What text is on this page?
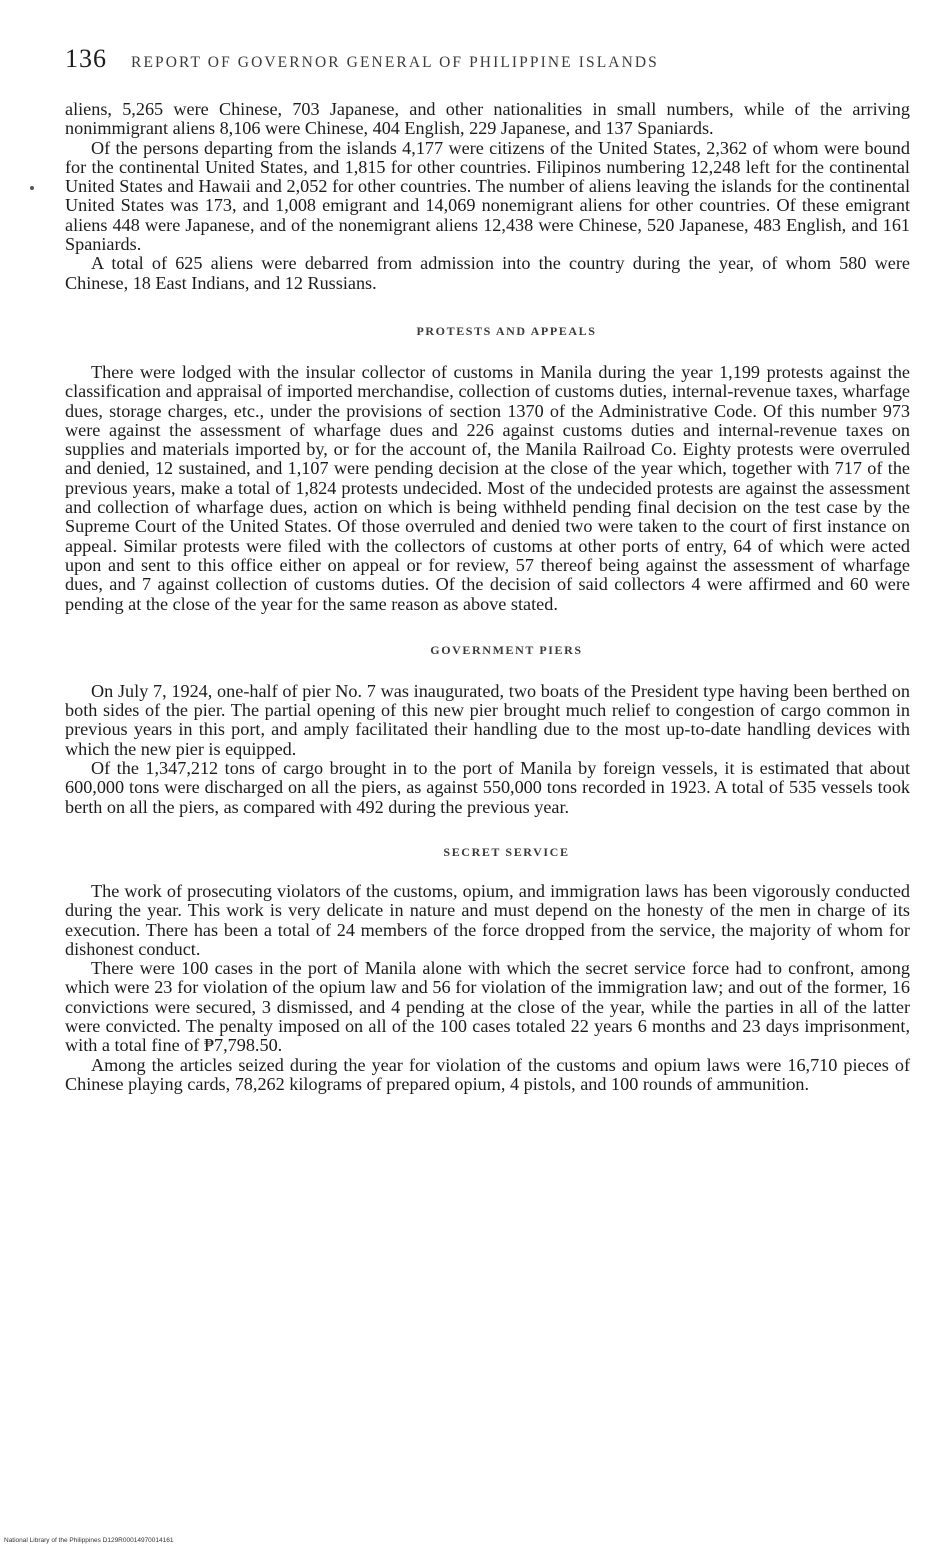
136 REPORT OF GOVERNOR GENERAL OF PHILIPPINE ISLANDS

aliens, 5,265 were Chinese, 703 Japanese, and other nationalities in small numbers, while of the arriving nonimmigrant aliens 8,106 were Chinese, 404 English, 229 Japanese, and 137 Spaniards.

Of the persons departing from the islands 4,177 were citizens of the United States, 2,362 of whom were bound for the continental United States, and 1,815 for other countries. Filipinos numbering 12,248 left for the continental United States and Hawaii and 2,052 for other countries. The number of aliens leaving the islands for the continental United States was 173, and 1,008 emigrant and 14,069 nonemigrant aliens for other countries. Of these emigrant aliens 448 were Japanese, and of the nonemigrant aliens 12,438 were Chinese, 520 Japanese, 483 English, and 161 Spaniards.

A total of 625 aliens were debarred from admission into the country during the year, of whom 580 were Chinese, 18 East Indians, and 12 Russians.

PROTESTS AND APPEALS

There were lodged with the insular collector of customs in Manila during the year 1,199 protests against the classification and appraisal of imported merchandise, collection of customs duties, internal-revenue taxes, wharfage dues, storage charges, etc., under the provisions of section 1370 of the Administrative Code. Of this number 973 were against the assessment of wharfage dues and 226 against customs duties and internal-revenue taxes on supplies and materials imported by, or for the account of, the Manila Railroad Co. Eighty protests were overruled and denied, 12 sustained, and 1,107 were pending decision at the close of the year which, together with 717 of the previous years, make a total of 1,824 protests undecided. Most of the undecided protests are against the assessment and collection of wharfage dues, action on which is being withheld pending final decision on the test case by the Supreme Court of the United States. Of those overruled and denied two were taken to the court of first instance on appeal. Similar protests were filed with the collectors of customs at other ports of entry, 64 of which were acted upon and sent to this office either on appeal or for review, 57 thereof being against the assessment of wharfage dues, and 7 against collection of customs duties. Of the decision of said collectors 4 were affirmed and 60 were pending at the close of the year for the same reason as above stated.

GOVERNMENT PIERS

On July 7, 1924, one-half of pier No. 7 was inaugurated, two boats of the President type having been berthed on both sides of the pier. The partial opening of this new pier brought much relief to congestion of cargo common in previous years in this port, and amply facilitated their handling due to the most up-to-date handling devices with which the new pier is equipped.

Of the 1,347,212 tons of cargo brought in to the port of Manila by foreign vessels, it is estimated that about 600,000 tons were discharged on all the piers, as against 550,000 tons recorded in 1923. A total of 535 vessels took berth on all the piers, as compared with 492 during the previous year.

SECRET SERVICE

The work of prosecuting violators of the customs, opium, and immigration laws has been vigorously conducted during the year. This work is very delicate in nature and must depend on the honesty of the men in charge of its execution. There has been a total of 24 members of the force dropped from the service, the majority of whom for dishonest conduct.

There were 100 cases in the port of Manila alone with which the secret service force had to confront, among which were 23 for violation of the opium law and 56 for violation of the immigration law; and out of the former, 16 convictions were secured, 3 dismissed, and 4 pending at the close of the year, while the parties in all of the latter were convicted. The penalty imposed on all of the 100 cases totaled 22 years 6 months and 23 days imprisonment, with a total fine of ₱7,798.50.

Among the articles seized during the year for violation of the customs and opium laws were 16,710 pieces of Chinese playing cards, 78,262 kilograms of prepared opium, 4 pistols, and 100 rounds of ammunition.

National Library of the Philippines D129R00014970014161
